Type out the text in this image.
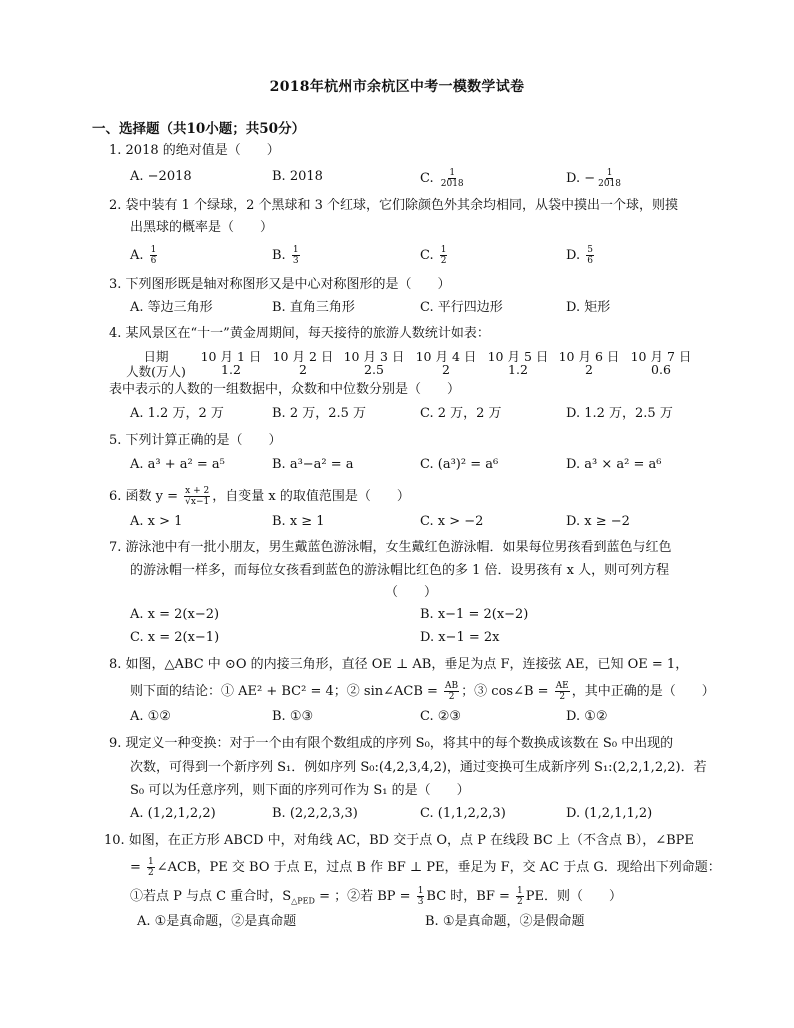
2018年杭州市余杭区中考一模数学试卷
一、选择题（共10小题；共50分）
1. 2018 的绝对值是（　　）
A. −2018	B. 2018	C. $\frac{1}{2018}$	D. − $\frac{1}{2018}$
2. 袋中装有 1 个绿球，2 个黑球和 3 个红球，它们除颜色外其余均相同，从袋中摸出一个球，则摸
出黑球的概率是（　　）
A. $\frac{1}{6}$	B. $\frac{1}{3}$	C. $\frac{1}{2}$	D. $\frac{5}{6}$
3. 下列图形既是轴对称图形又是中心对称图形的是（　　）
A. 等边三角形	B. 直角三角形	C. 平行四边形	D. 矩形
4. 某风景区在“十一”黄金周期间，每天接待的旅游人数统计如表：
日期	10 月 1 日 10 月 2 日 10 月 3 日 10 月 4 日 10 月 5 日 10 月 6 日 10 月 7 日
人数(万人)	1.2	2	2.5	2	1.2	2	0.6
表中表示的人数的一组数据中，众数和中位数分别是（　　）
A. 1.2 万，2 万	B. 2 万，2.5 万	C. 2 万，2 万	D. 1.2 万，2.5 万
5. 下列计算正确的是（　　）
A. a³ + a² = a⁵	B. a³−a² = a	C. (a³)² = a⁶	D. a³ × a² = a⁶
6. 函数 $y = \frac{x + 2}{√x-1}$ ，自变量 x 的取值范围是（　　）
A. x > 1	B. x ≥ 1	C. x > −2	D. x ≥ −2
7. 游泳池中有一批小朋友，男生戴蓝色游泳帽，女生戴红色游泳帽．如果每位男孩看到蓝色与红色
的游泳帽一样多，而每位女孩看到蓝色的游泳帽比红色的多 1 倍．设男孩有 x 人，则可列方程
（　　）
A. x = 2(x−2)	B. x−1 = 2(x−2)
C. x = 2(x−1)	D. x−1 = 2x
8. 如图，△ABC 中 ⊙O 的内接三角形，直径 OE ⊥ AB，垂足为点 F，连接弦 AE，已知 OE = 1，
则下面的结论：① AE² + BC² = 4；② sin∠ACB = $\frac{AB}{2}$ ；③ cos∠B = $\frac{AE}{2}$ ，其中正确的是（　　）
A. ①②	B. ①③	C. ②③	D. ①②
9. 现定义一种变换：对于一个由有限个数组成的序列 S₀，将其中的每个数换成该数在 S₀ 中出现的
次数，可得到一个新序列 S₁．例如序列 S₀:(4,2,3,4,2)，通过变换可生成新序列 S₁:(2,2,1,2,2)．若
S₀ 可以为任意序列，则下面的序列可作为 S₁ 的是（　　）
A. (1,2,1,2,2)	B. (2,2,2,3,3)	C. (1,1,2,2,3)	D. (1,2,1,1,2)
10. 如图，在正方形 ABCD 中，对角线 AC，BD 交于点 O，点 P 在线段 BC 上（不含点 B），∠BPE
= $\frac{1}{2}$ ∠ACB，PE 交 BO 于点 E，过点 B 作 BF ⊥ PE，垂足为 F，交 AC 于点 G．现给出下列命题：
①若点 P 与点 C 重合时，$S_{\triangle PED}$ = ；②若 BP = $\frac{1}{3}$ BC 时，BF = $\frac{1}{2}$ PE．则（　　）
A. ①是真命题，②是真命题	B. ①是真命题，②是假命题
